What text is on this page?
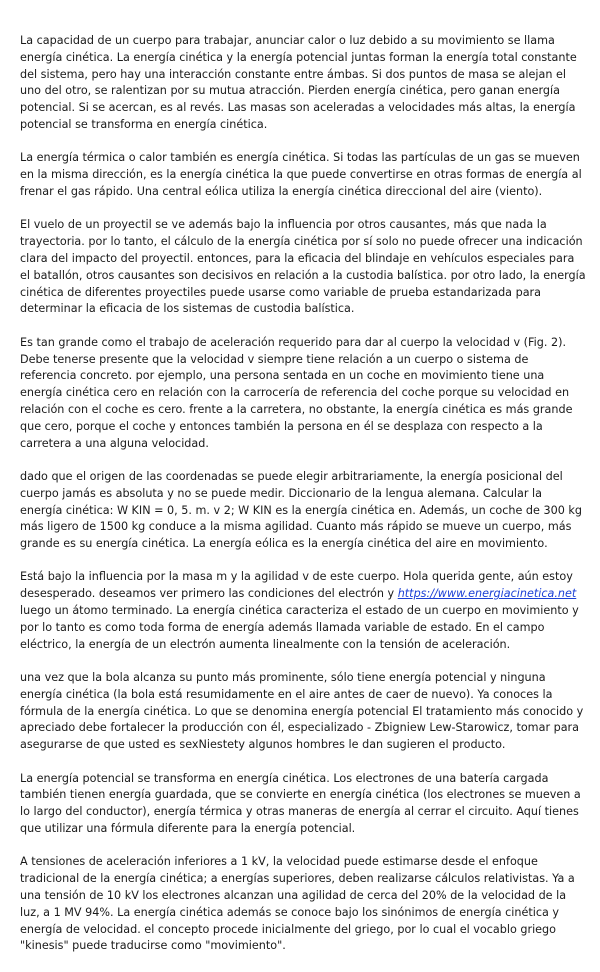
La capacidad de un cuerpo para trabajar, anunciar calor o luz debido a su movimiento se llama energía cinética. La energía cinética y la energía potencial juntas forman la energía total constante del sistema, pero hay una interacción constante entre ámbas. Si dos puntos de masa se alejan el uno del otro, se ralentizan por su mutua atracción. Pierden energía cinética, pero ganan energía potencial. Si se acercan, es al revés. Las masas son aceleradas a velocidades más altas, la energía potencial se transforma en energía cinética.

La energía térmica o calor también es energía cinética. Si todas las partículas de un gas se mueven en la misma dirección, es la energía cinética la que puede convertirse en otras formas de energía al frenar el gas rápido. Una central eólica utiliza la energía cinética direccional del aire (viento).

El vuelo de un proyectil se ve además bajo la influencia por otros causantes, más que nada la trayectoria. por lo tanto, el cálculo de la energía cinética por sí solo no puede ofrecer una indicación clara del impacto del proyectil. entonces, para la eficacia del blindaje en vehículos especiales para el batallón, otros causantes son decisivos en relación a la custodia balística. por otro lado, la energía cinética de diferentes proyectiles puede usarse como variable de prueba estandarizada para determinar la eficacia de los sistemas de custodia balística.

Es tan grande como el trabajo de aceleración requerido para dar al cuerpo la velocidad v (Fig. 2). Debe tenerse presente que la velocidad v siempre tiene relación a un cuerpo o sistema de referencia concreto. por ejemplo, una persona sentada en un coche en movimiento tiene una energía cinética cero en relación con la carrocería de referencia del coche porque su velocidad en relación con el coche es cero. frente a la carretera, no obstante, la energía cinética es más grande que cero, porque el coche y entonces también la persona en él se desplaza con respecto a la carretera a una alguna velocidad.

dado que el origen de las coordenadas se puede elegir arbitrariamente, la energía posicional del cuerpo jamás es absoluta y no se puede medir. Diccionario de la lengua alemana. Calcular la energía cinética: W KIN = 0, 5. m. v 2; W KIN es la energía cinética en. Además, un coche de 300 kg más ligero de 1500 kg conduce a la misma agilidad. Cuanto más rápido se mueve un cuerpo, más grande es su energía cinética. La energía eólica es la energía cinética del aire en movimiento.

Está bajo la influencia por la masa m y la agilidad v de este cuerpo. Hola querida gente, aún estoy desesperado. deseamos ver primero las condiciones del electrón y https://www.energiacinetica.net luego un átomo terminado. La energía cinética caracteriza el estado de un cuerpo en movimiento y por lo tanto es como toda forma de energía además llamada variable de estado. En el campo eléctrico, la energía de un electrón aumenta linealmente con la tensión de aceleración.

una vez que la bola alcanza su punto más prominente, sólo tiene energía potencial y ninguna energía cinética (la bola está resumidamente en el aire antes de caer de nuevo). Ya conoces la fórmula de la energía cinética. Lo que se denomina energía potencial El tratamiento más conocido y apreciado debe fortalecer la producción con él, especializado - Zbigniew Lew-Starowicz, tomar para asegurarse de que usted es sexNiestety algunos hombres le dan sugieren el producto.

La energía potencial se transforma en energía cinética. Los electrones de una batería cargada también tienen energía guardada, que se convierte en energía cinética (los electrones se mueven a lo largo del conductor), energía térmica y otras maneras de energía al cerrar el circuito. Aquí tienes que utilizar una fórmula diferente para la energía potencial.

A tensiones de aceleración inferiores a 1 kV, la velocidad puede estimarse desde el enfoque tradicional de la energía cinética; a energías superiores, deben realizarse cálculos relativistas. Ya a una tensión de 10 kV los electrones alcanzan una agilidad de cerca del 20% de la velocidad de la luz, a 1 MV 94%. La energía cinética además se conoce bajo los sinónimos de energía cinética y energía de velocidad. el concepto procede inicialmente del griego, por lo cual el vocablo griego "kinesis" puede traducirse como "movimiento".
